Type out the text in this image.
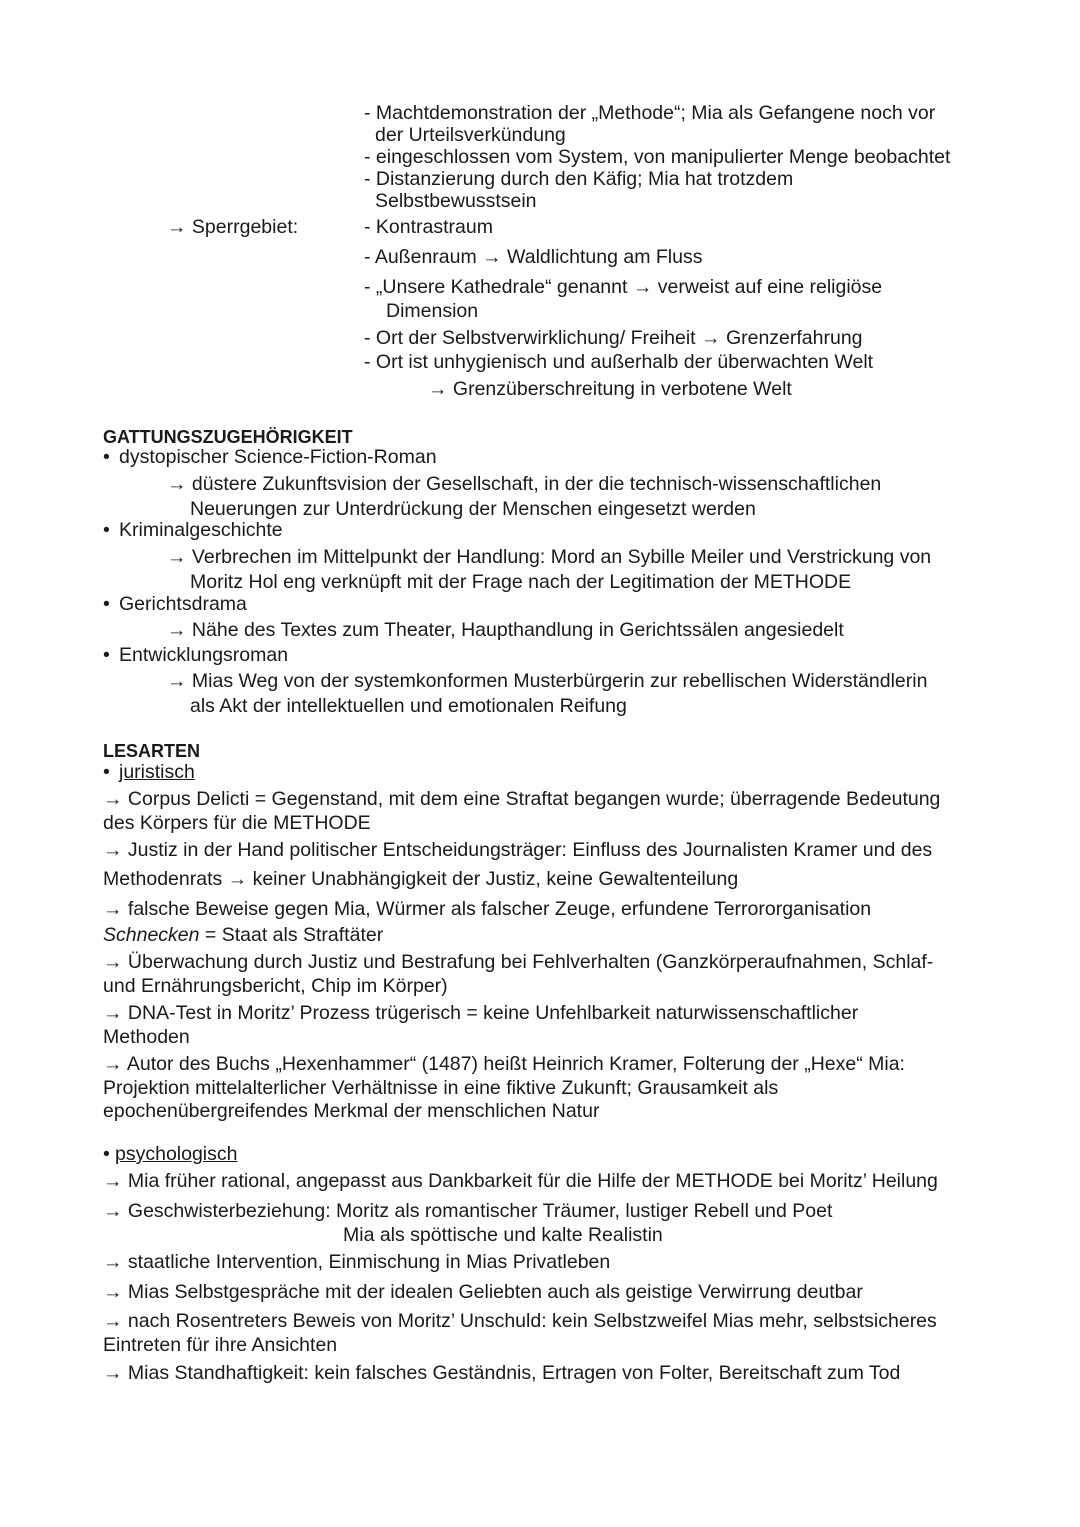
- Machtdemonstration der „Methode“; Mia als Gefangene noch vor
der Urteilsverkündung
- eingeschlossen vom System, von manipulierter Menge beobachtet
- Distanzierung durch den Käfig; Mia hat trotzdem
Selbstbewusstsein
→ Sperrgebiet:	- Kontrastraum
- Außenraum → Waldlichtung am Fluss
- „Unsere Kathedrale“ genannt → verweist auf eine religiöse
Dimension
- Ort der Selbstverwirklichung/ Freiheit → Grenzerfahrung
- Ort ist unhygienisch und außerhalb der überwachten Welt
→ Grenzüberschreitung in verbotene Welt
GATTUNGSZUGEHÖRIGKEIT
• dystopischer Science-Fiction-Roman
→ düstere Zukunftsvision der Gesellschaft, in der die technisch-wissenschaftlichen
Neuerungen zur Unterdrückung der Menschen eingesetzt werden
• Kriminalgeschichte
→ Verbrechen im Mittelpunkt der Handlung: Mord an Sybille Meiler und Verstrickung von
Moritz Hol eng verknüpft mit der Frage nach der Legitimation der METHODE
• Gerichtsdrama
→ Nähe des Textes zum Theater, Haupthandlung in Gerichtssälen angesiedelt
• Entwicklungsroman
→ Mias Weg von der systemkonformen Musterbürgerin zur rebellischen Widerständlerin
als Akt der intellektuellen und emotionalen Reifung
LESARTEN
• juristisch
→ Corpus Delicti = Gegenstand, mit dem eine Straftat begangen wurde; überragende Bedeutung
des Körpers für die METHODE
→ Justiz in der Hand politischer Entscheidungsträger: Einfluss des Journalisten Kramer und des
Methodenrats → keiner Unabhängigkeit der Justiz, keine Gewaltenteilung
→ falsche Beweise gegen Mia, Würmer als falscher Zeuge, erfundene Terrororganisation
Schnecken = Staat als Straftäter
→ Überwachung durch Justiz und Bestrafung bei Fehlverhalten (Ganzkörperaufnahmen, Schlaf-
und Ernährungsbericht, Chip im Körper)
→ DNA-Test in Moritz’ Prozess trügerisch = keine Unfehlbarkeit naturwissenschaftlicher
Methoden
→ Autor des Buchs „Hexenhammer“ (1487) heißt Heinrich Kramer, Folterung der „Hexe“ Mia:
Projektion mittelalterlicher Verhältnisse in eine fiktive Zukunft; Grausamkeit als
epochenübergreifendes Merkmal der menschlichen Natur
• psychologisch
→ Mia früher rational, angepasst aus Dankbarkeit für die Hilfe der METHODE bei Moritz’ Heilung
→ Geschwisterbeziehung: Moritz als romantischer Träumer, lustiger Rebell und Poet
Mia als spöttische und kalte Realistin
→ staatliche Intervention, Einmischung in Mias Privatleben
→ Mias Selbstgespräche mit der idealen Geliebten auch als geistige Verwirrung deutbar
→ nach Rosentreters Beweis von Moritz’ Unschuld: kein Selbstzweifel Mias mehr, selbstsicheres
Eintreten für ihre Ansichten
→ Mias Standhaftigkeit: kein falsches Geständnis, Ertragen von Folter, Bereitschaft zum Tod
